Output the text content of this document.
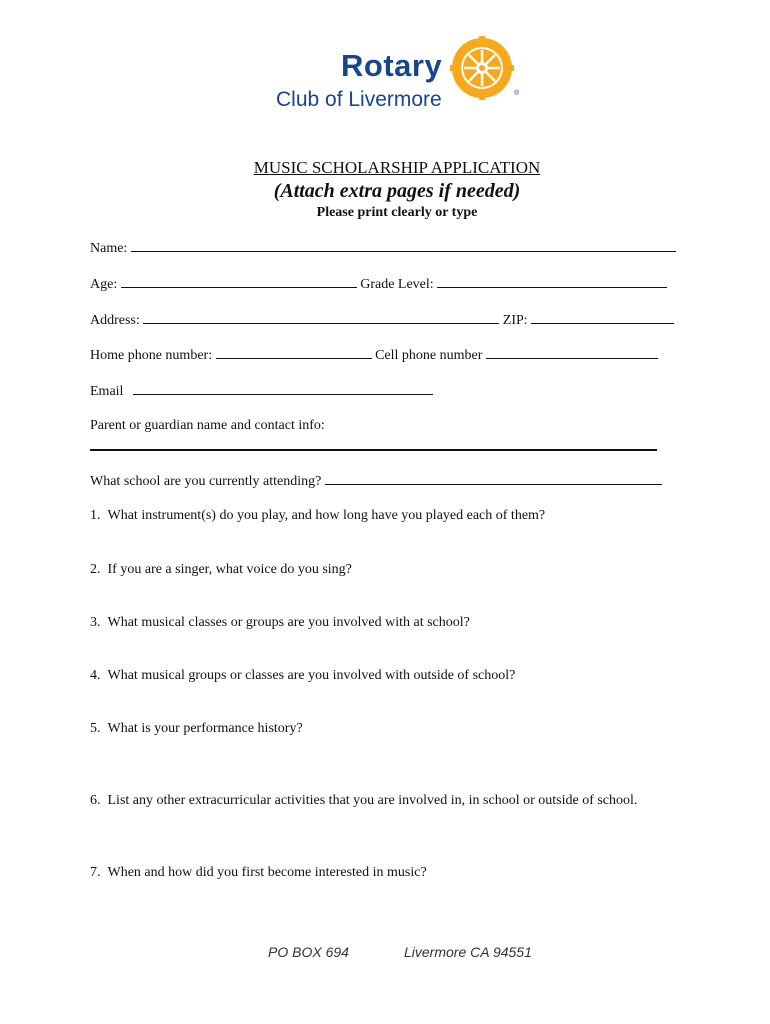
Rotary
Club of Livermore	®
MUSIC SCHOLARSHIP APPLICATION
(Attach extra pages if needed)
Please print clearly or type
Name:
Age:	Grade Level:
Address:	ZIP:
Home phone number:	Cell phone number
Email
Parent or guardian name and contact info:
What school are you currently attending?
1. What instrument(s) do you play, and how long have you played each of them?
2. If you are a singer, what voice do you sing?
3. What musical classes or groups are you involved with at school?
4. What musical groups or classes are you involved with outside of school?
5. What is your performance history?
6. List any other extracurricular activities that you are involved in, in school or outside of school.
7. When and how did you first become interested in music?
PO BOX 694	Livermore CA 94551
